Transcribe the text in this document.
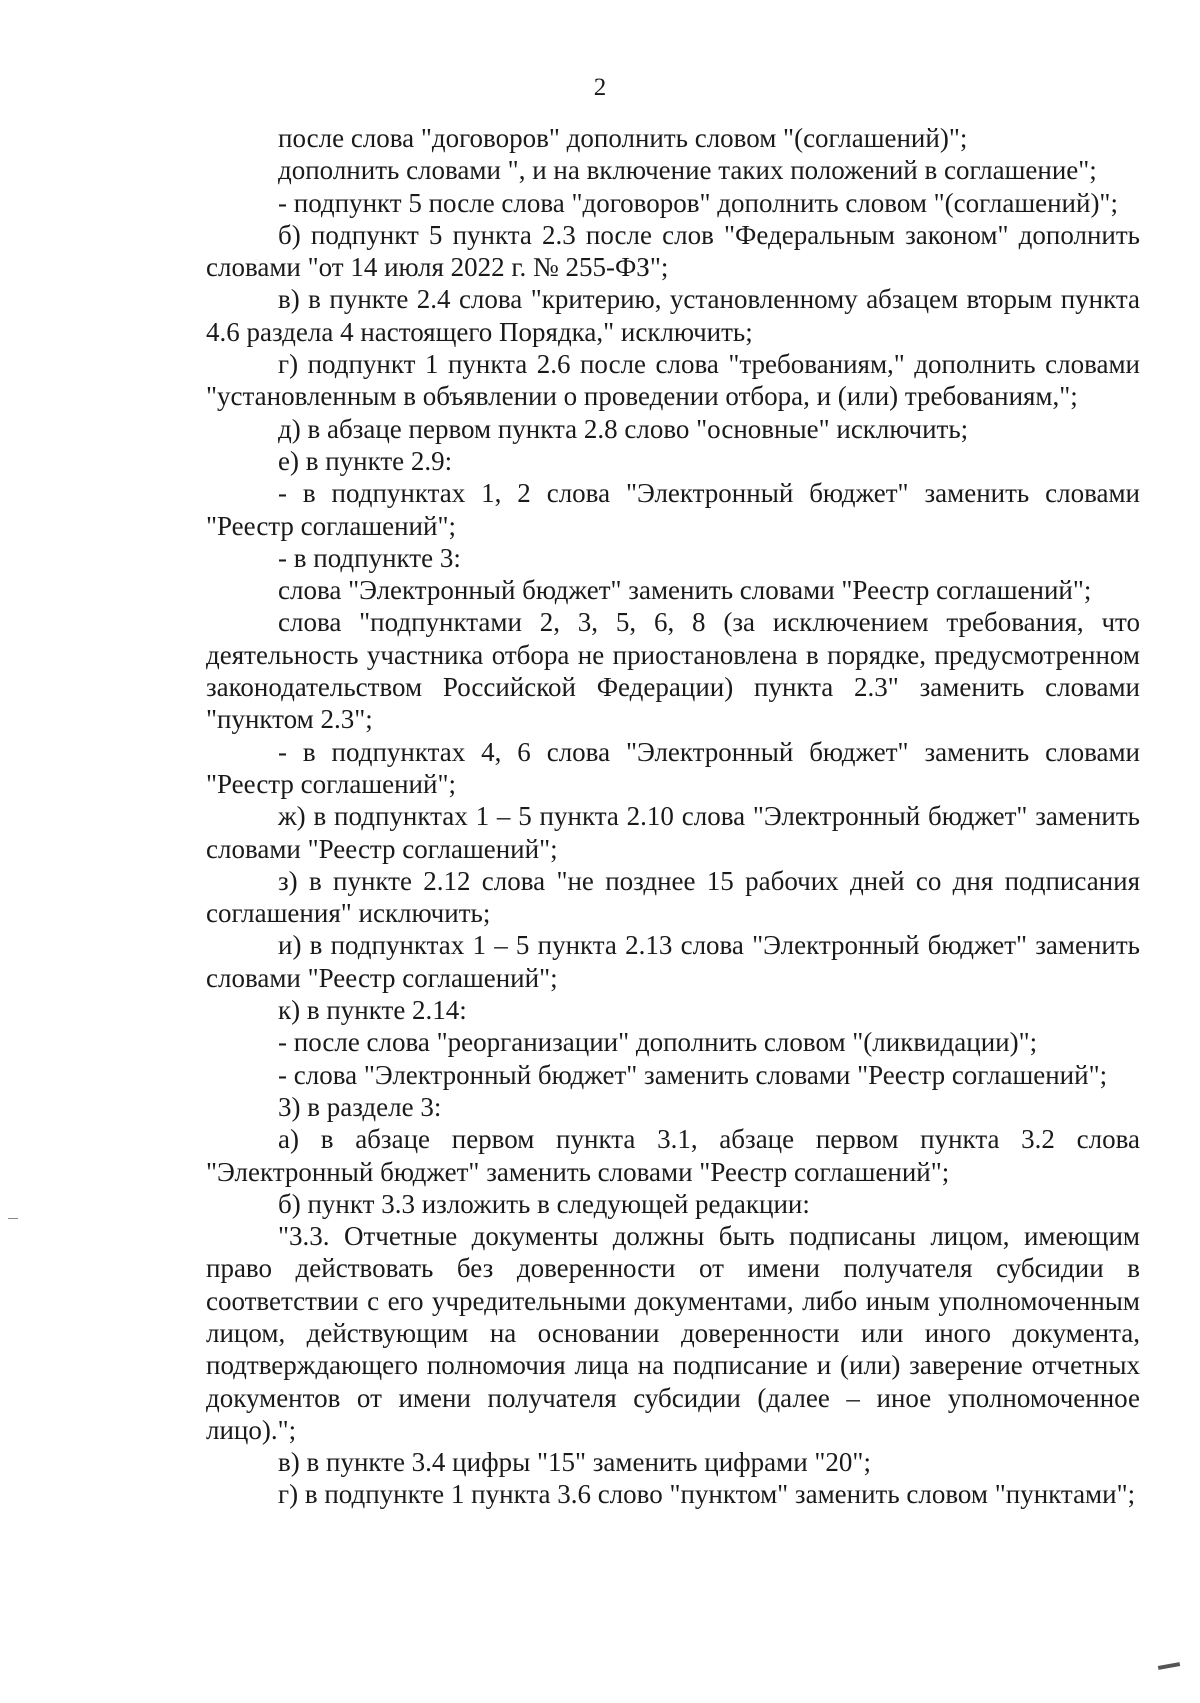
2

после слова "договоров" дополнить словом "(соглашений)";

дополнить словами ", и на включение таких положений в соглашение";

- подпункт 5 после слова "договоров" дополнить словом "(соглашений)";

б) подпункт 5 пункта 2.3 после слов "Федеральным законом" дополнить словами "от 14 июля 2022 г. № 255-ФЗ";

в) в пункте 2.4 слова "критерию, установленному абзацем вторым пункта 4.6 раздела 4 настоящего Порядка," исключить;

г) подпункт 1 пункта 2.6 после слова "требованиям," дополнить словами "установленным в объявлении о проведении отбора, и (или) требованиям,";

д) в абзаце первом пункта 2.8 слово "основные" исключить;

е) в пункте 2.9:

- в подпунктах 1, 2 слова "Электронный бюджет" заменить словами "Реестр соглашений";

- в подпункте 3:

слова "Электронный бюджет" заменить словами "Реестр соглашений";

слова "подпунктами 2, 3, 5, 6, 8 (за исключением требования, что деятельность участника отбора не приостановлена в порядке, предусмотренном законодательством Российской Федерации) пункта 2.3" заменить словами "пунктом 2.3";

- в подпунктах 4, 6 слова "Электронный бюджет" заменить словами "Реестр соглашений";

ж) в подпунктах 1 – 5 пункта 2.10 слова "Электронный бюджет" заменить словами "Реестр соглашений";

з) в пункте 2.12 слова "не позднее 15 рабочих дней со дня подписания соглашения" исключить;

и) в подпунктах 1 – 5 пункта 2.13 слова "Электронный бюджет" заменить словами "Реестр соглашений";

к) в пункте 2.14:

- после слова "реорганизации" дополнить словом "(ликвидации)";

- слова "Электронный бюджет" заменить словами "Реестр соглашений";

3) в разделе 3:

а) в абзаце первом пункта 3.1, абзаце первом пункта 3.2 слова "Электронный бюджет" заменить словами "Реестр соглашений";

б) пункт 3.3 изложить в следующей редакции:

"3.3. Отчетные документы должны быть подписаны лицом, имеющим право действовать без доверенности от имени получателя субсидии в соответствии с его учредительными документами, либо иным уполномоченным лицом, действующим на основании доверенности или иного документа, подтверждающего полномочия лица на подписание и (или) заверение отчетных документов от имени получателя субсидии (далее – иное уполномоченное лицо).";

в) в пункте 3.4 цифры "15" заменить цифрами "20";

г) в подпункте 1 пункта 3.6 слово "пунктом" заменить словом "пунктами";
